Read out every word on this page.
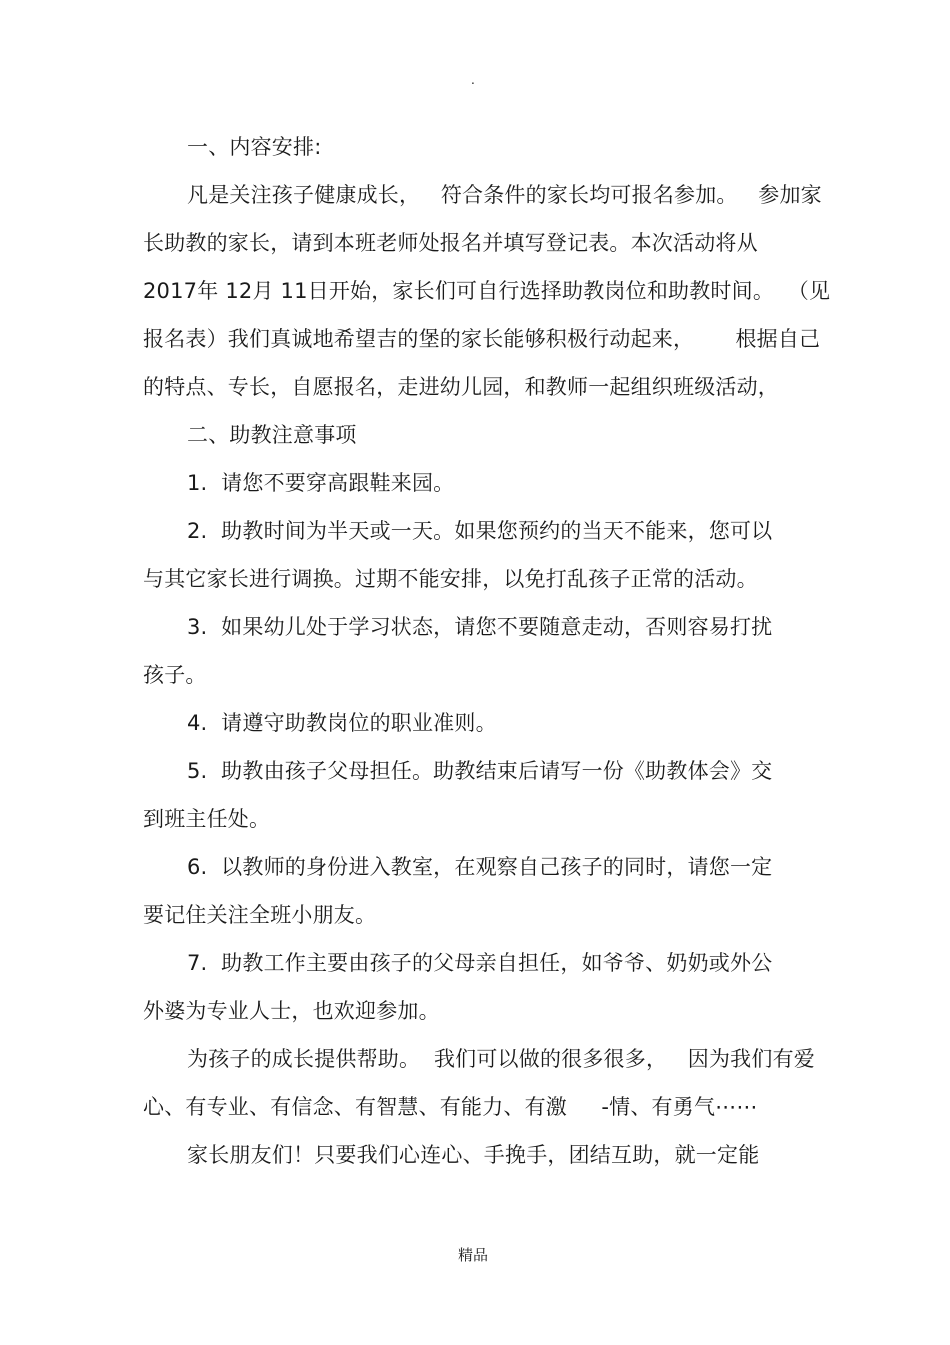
.
一、内容安排:
凡是关注孩子健康成长，   符合条件的家长均可报名参加。   参加家
长助教的家长，请到本班老师处报名并填写登记表。本次活动将从
2017年 12月 11日开始，家长们可自行选择助教岗位和助教时间。  （见
报名表）我们真诚地希望吉的堡的家长能够积极行动起来，      根据自己
的特点、专长，自愿报名，走进幼儿园，和教师一起组织班级活动，
二、助教注意事项
1.  请您不要穿高跟鞋来园。
2.  助教时间为半天或一天。如果您预约的当天不能来，您可以
与其它家长进行调换。过期不能安排，以免打乱孩子正常的活动。
3.  如果幼儿处于学习状态，请您不要随意走动，否则容易打扰
孩子。
4.  请遵守助教岗位的职业准则。
5.  助教由孩子父母担任。助教结束后请写一份《助教体会》交
到班主任处。
6.  以教师的身份进入教室，在观察自己孩子的同时，请您一定
要记住关注全班小朋友。
7.  助教工作主要由孩子的父母亲自担任，如爷爷、奶奶或外公
外婆为专业人士，也欢迎参加。
为孩子的成长提供帮助。  我们可以做的很多很多，   因为我们有爱
心、有专业、有信念、有智慧、有能力、有激     -情、有勇气⋯⋯
家长朋友们！只要我们心连心、手挽手，团结互助，就一定能
精品
